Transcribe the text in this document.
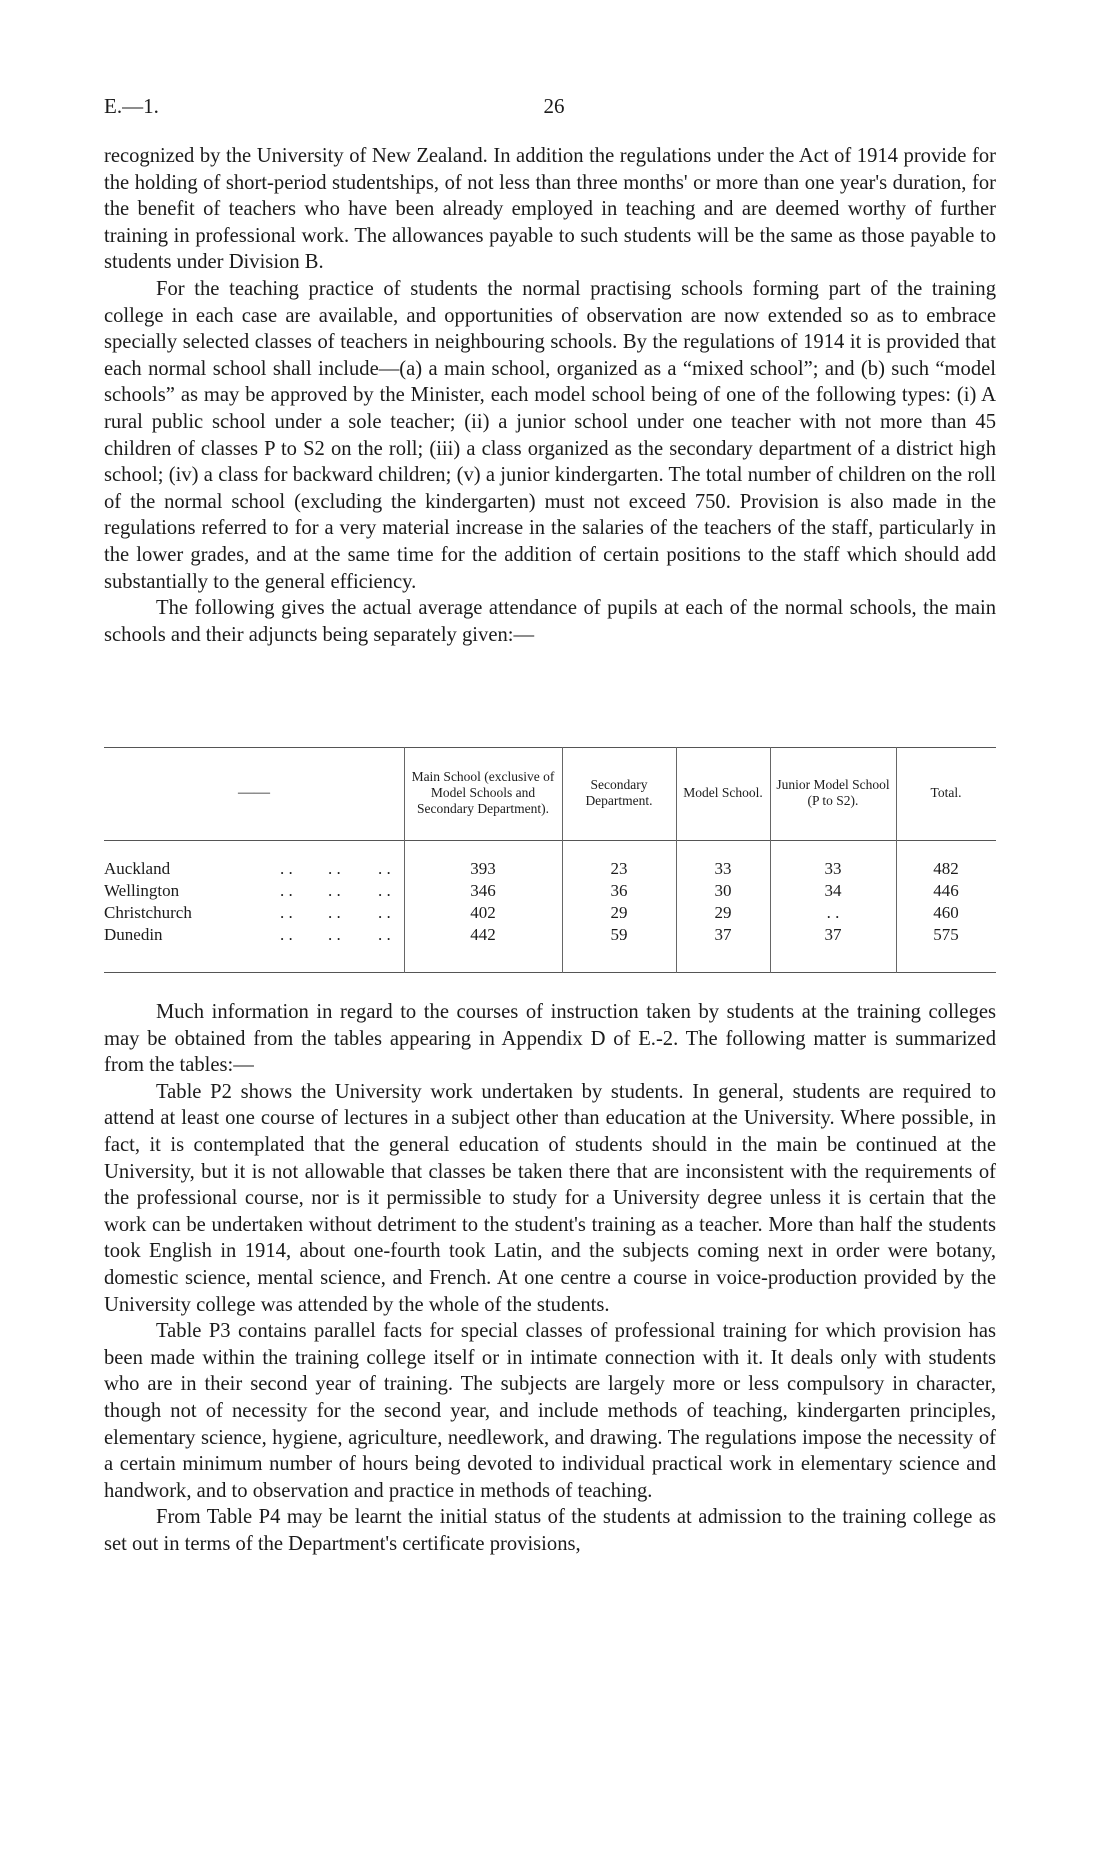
E.—1.	26

recognized by the University of New Zealand. In addition the regulations under the Act of 1914 provide for the holding of short-period studentships, of not less than three months' or more than one year's duration, for the benefit of teachers who have been already employed in teaching and are deemed worthy of further training in professional work. The allowances payable to such students will be the same as those payable to students under Division B.

For the teaching practice of students the normal practising schools forming part of the training college in each case are available, and opportunities of observation are now extended so as to embrace specially selected classes of teachers in neighbouring schools. By the regulations of 1914 it is provided that each normal school shall include—(a) a main school, organized as a “mixed school”; and (b) such “model schools” as may be approved by the Minister, each model school being of one of the following types: (i) A rural public school under a sole teacher; (ii) a junior school under one teacher with not more than 45 children of classes P to S2 on the roll; (iii) a class organized as the secondary department of a district high school; (iv) a class for backward children; (v) a junior kindergarten. The total number of children on the roll of the normal school (excluding the kindergarten) must not exceed 750. Provision is also made in the regulations referred to for a very material increase in the salaries of the teachers of the staff, particularly in the lower grades, and at the same time for the addition of certain positions to the staff which should add substantially to the general efficiency.

The following gives the actual average attendance of pupils at each of the normal schools, the main schools and their adjuncts being separately given:—

——
Main School (exclusive of Model Schools and Secondary Department).
Secondary Department.
Model School.
Junior Model School (P to S2).
Total.
Auckland	. . . . . .	393	23	33	33	482
Wellington	. . . . . .	346	36	30	34	446
Christchurch	. . . . . .	402	29	29	. .	460
Dunedin	. . . . . .	442	59	37	37	575

Much information in regard to the courses of instruction taken by students at the training colleges may be obtained from the tables appearing in Appendix D of E.-2. The following matter is summarized from the tables:—

Table P2 shows the University work undertaken by students. In general, students are required to attend at least one course of lectures in a subject other than education at the University. Where possible, in fact, it is contemplated that the general education of students should in the main be continued at the University, but it is not allowable that classes be taken there that are inconsistent with the requirements of the professional course, nor is it permissible to study for a University degree unless it is certain that the work can be undertaken without detriment to the student's training as a teacher. More than half the students took English in 1914, about one-fourth took Latin, and the subjects coming next in order were botany, domestic science, mental science, and French. At one centre a course in voice-production provided by the University college was attended by the whole of the students.

Table P3 contains parallel facts for special classes of professional training for which provision has been made within the training college itself or in intimate connection with it. It deals only with students who are in their second year of training. The subjects are largely more or less compulsory in character, though not of necessity for the second year, and include methods of teaching, kindergarten principles, elementary science, hygiene, agriculture, needlework, and drawing. The regulations impose the necessity of a certain minimum number of hours being devoted to individual practical work in elementary science and handwork, and to observation and practice in methods of teaching.

From Table P4 may be learnt the initial status of the students at admission to the training college as set out in terms of the Department's certificate provisions,
